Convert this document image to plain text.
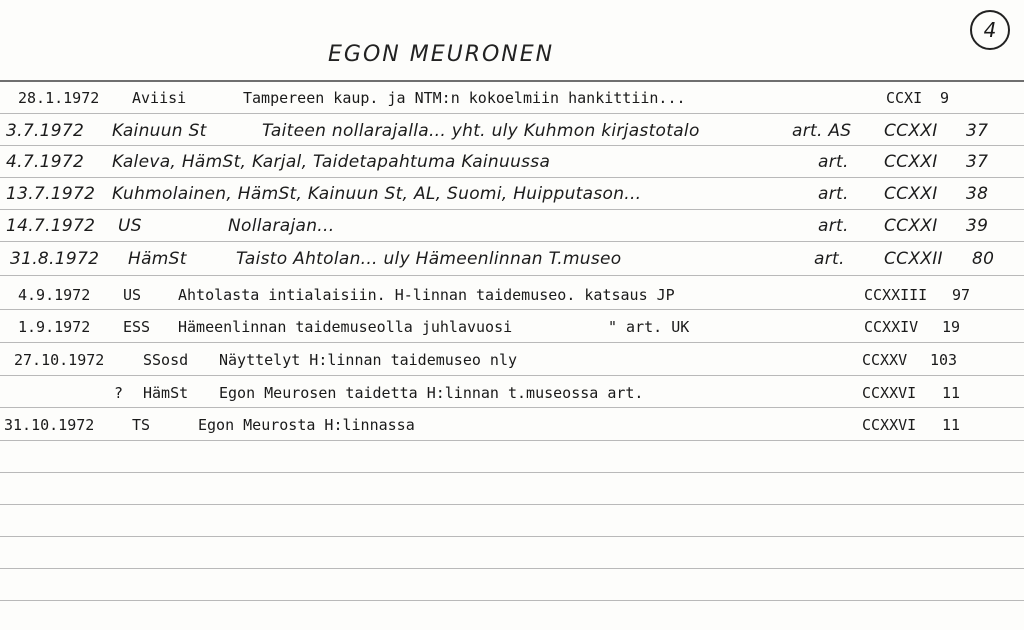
EGON MEURONEN
4
28.1.1972 Aviisi	Tampereen kaup. ja NTM:n kokoelmiin hankittiin...	CCXI 9
3.7.1972 Kainuun St	Taiteen nollarajalla... yht. uly Kuhmon kirjastotalo	art. AS CCXXI 37
4.7.1972 Kaleva, HämSt, Karjal, Taidetapahtuma Kainuussa	art. CCXXI 37
13.7.1972 Kuhmolainen, HämSt, Kainuun St, AL, Suomi, Huipputason...	art. CCXXI 38
14.7.1972 US	Nollarajan...	art. CCXXI 39
31.8.1972 HämSt	Taisto Ahtolan... uly Hämeenlinnan T.museo	art. CCXXII 80
4.9.1972 US Ahtolasta intialaisiin. H-linnan taidemuseo. katsaus JP	CCXXIII 97
1.9.1972 ESS Hämeenlinnan taidemuseolla juhlavuosi	" art. UK	CCXXIV 19
27.10.1972	SSosd Näyttelyt H:linnan taidemuseo nly	CCXXV 103
? HämSt Egon Meurosen taidetta H:linnan t.museossa art.	CCXXVI 11
31.10.1972	TS	Egon Meurosta H:linnassa	CCXXVI 11
